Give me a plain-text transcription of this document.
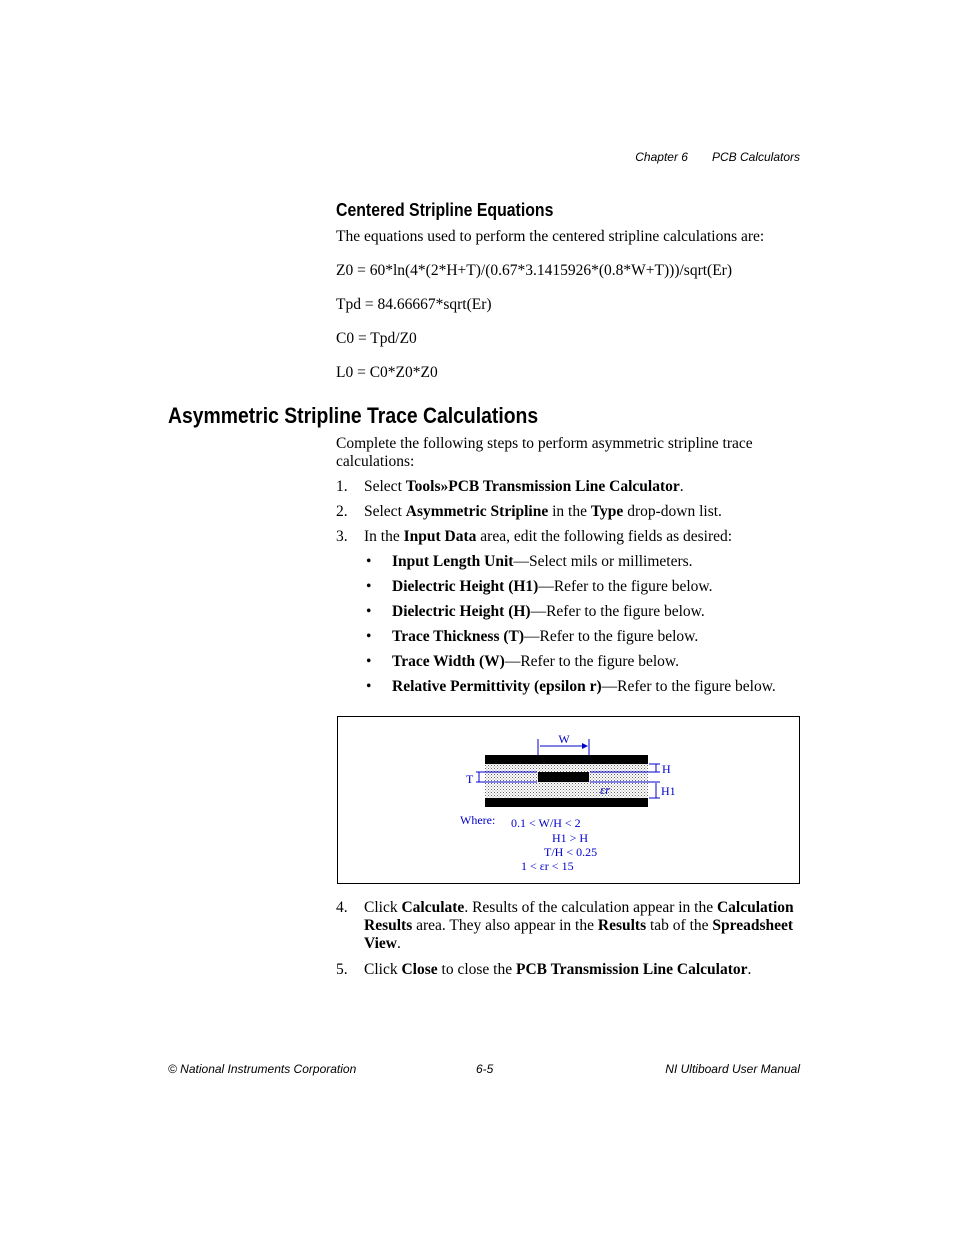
Chapter 6 PCB Calculators
Centered Stripline Equations
The equations used to perform the centered stripline calculations are:
Z0 = 60*ln(4*(2*H+T)/(0.67*3.1415926*(0.8*W+T)))/sqrt(Er)
Tpd = 84.66667*sqrt(Er)
C0 = Tpd/Z0
L0 = C0*Z0*Z0
Asymmetric Stripline Trace Calculations
Complete the following steps to perform asymmetric stripline trace calculations:
1. Select Tools»PCB Transmission Line Calculator.
2. Select Asymmetric Stripline in the Type drop-down list.
3. In the Input Data area, edit the following fields as desired:
• Input Length Unit—Select mils or millimeters.
• Dielectric Height (H1)—Refer to the figure below.
• Dielectric Height (H)—Refer to the figure below.
• Trace Thickness (T)—Refer to the figure below.
• Trace Width (W)—Refer to the figure below.
• Relative Permittivity (epsilon r)—Refer to the figure below.
W
T
H
H1
εr
Where: 0.1 < W/H < 2
H1 > H
T/H < 0.25
1 < εr < 15
4. Click Calculate. Results of the calculation appear in the Calculation Results area. They also appear in the Results tab of the Spreadsheet View.
5. Click Close to close the PCB Transmission Line Calculator.
© National Instruments Corporation	6-5	NI Ultiboard User Manual
